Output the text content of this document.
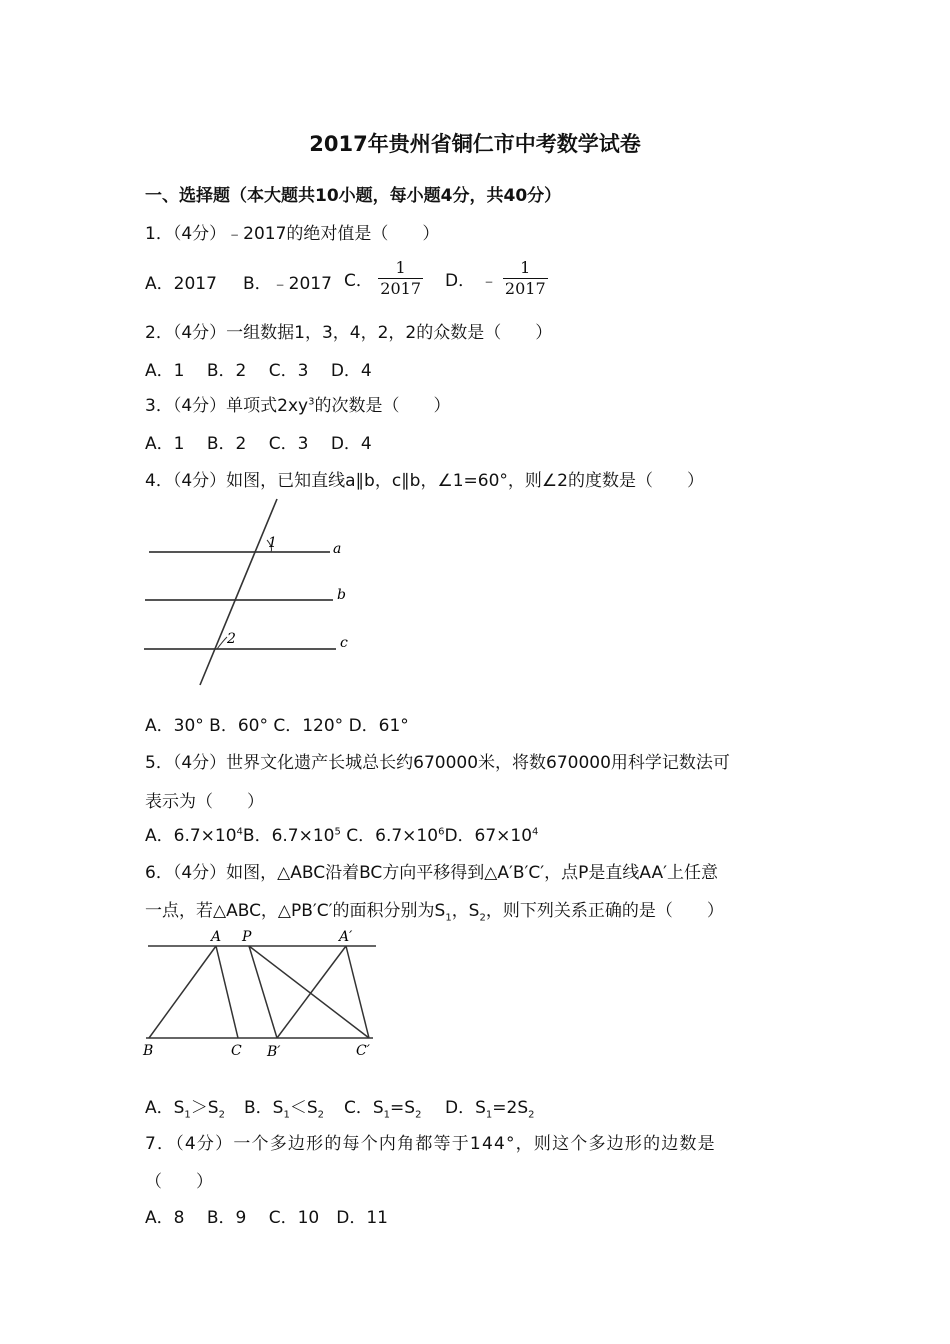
2017年贵州省铜仁市中考数学试卷
一、选择题（本大题共10小题，每小题4分，共40分）
1．（4分）﹣2017的绝对值是（　　）
A．2017 B．﹣2017 C． $\frac{1}{2017}$ D． ﹣ $\frac{1}{2017}$
2．（4分）一组数据1，3，4，2，2的众数是（　　）
A．1　 B．2　 C．3　 D．4
3．（4分）单项式$2xy^3$的次数是（　　）
A．1　 B．2　 C．3　 D．4
4．（4分）如图，已知直线a∥b，c∥b，∠1=60°，则∠2的度数是（　　）
1
2
a
b
c
A．30° B．60° C．120° D．61°
5．（4分）世界文化遗产长城总长约670000米，将数670000用科学记数法可
表示为（　　）
A．$6.7\times 10^4B$．$6.7\times 10^5$ C．$6.7\times 10^6D$．$67\times 10^4$
6．（4分）如图，△ABC沿着BC方向平移得到△A′B′C′，点P是直线AA′上任意
一点，若△ABC，△PB′C′的面积分别为$S_1$，$S_2$，则下列关系正确的是（　　）
A P	A′
B	C B′	C′
A．$S_1>S_2$ B．$S_1<S_2$ C．$S_1=S_2$ D．$S_1=2S_2$
7．（4分）一个多边形的每个内角都等于144°，则这个多边形的边数是
（　　）
A．8　 B．9　 C．10　D．11
